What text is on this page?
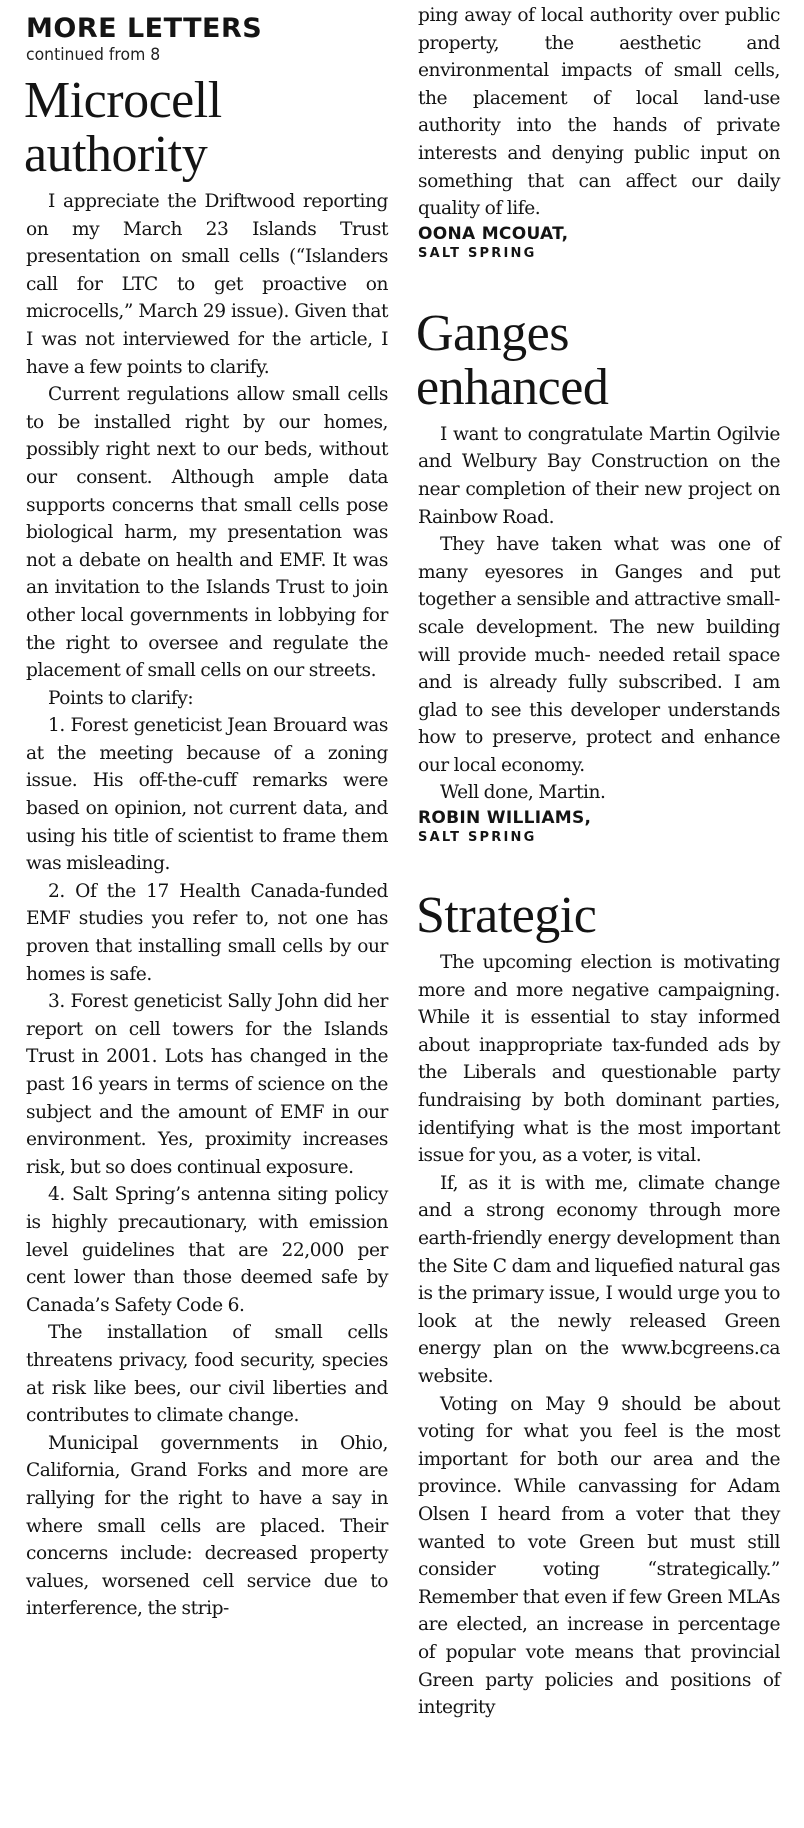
MORE LETTERS
continued from 8
Microcell
authority

I appreciate the Driftwood reporting on my March 23 Islands Trust presentation on small cells (“Islanders call for LTC to get proactive on microcells,” March 29 issue). Given that I was not interviewed for the article, I have a few points to clarify.

Current regulations allow small cells to be installed right by our homes, possibly right next to our beds, without our consent. Although ample data supports concerns that small cells pose biological harm, my presentation was not a debate on health and EMF. It was an invitation to the Islands Trust to join other local governments in lobbying for the right to oversee and regulate the placement of small cells on our streets.

Points to clarify:

1. Forest geneticist Jean Brouard was at the meeting because of a zoning issue. His off-the-cuff remarks were based on opinion, not current data, and using his title of scientist to frame them was misleading.

2. Of the 17 Health Canada-funded EMF studies you refer to, not one has proven that installing small cells by our homes is safe.

3. Forest geneticist Sally John did her report on cell towers for the Islands Trust in 2001. Lots has changed in the past 16 years in terms of science on the subject and the amount of EMF in our environment. Yes, proximity increases risk, but so does continual exposure.

4. Salt Spring’s antenna siting policy is highly precautionary, with emission level guidelines that are 22,000 per cent lower than those deemed safe by Canada’s Safety Code 6.

The installation of small cells threatens privacy, food security, species at risk like bees, our civil liberties and contributes to climate change.

Municipal governments in Ohio, California, Grand Forks and more are rallying for the right to have a say in where small cells are placed. Their concerns include: decreased property values, worsened cell service due to interference, the strip-

ping away of local authority over public property, the aesthetic and environmental impacts of small cells, the placement of local land-use authority into the hands of private interests and denying public input on something that can affect our daily quality of life.

OONA MCOUAT,
SALT SPRING
Ganges
enhanced

I want to congratulate Martin Ogilvie and Welbury Bay Construction on the near completion of their new project on Rainbow Road.

They have taken what was one of many eyesores in Ganges and put together a sensible and attractive small-scale development. The new building will provide much- needed retail space and is already fully subscribed. I am glad to see this developer understands how to preserve, protect and enhance our local economy.

Well done, Martin.

ROBIN WILLIAMS,
SALT SPRING
Strategic

The upcoming election is motivating more and more negative campaigning. While it is essential to stay informed about inappropriate tax-funded ads by the Liberals and questionable party fundraising by both dominant parties, identifying what is the most important issue for you, as a voter, is vital.

If, as it is with me, climate change and a strong economy through more earth-friendly energy development than the Site C dam and liquefied natural gas is the primary issue, I would urge you to look at the newly released Green energy plan on the www.bcgreens.ca website.

Voting on May 9 should be about voting for what you feel is the most important for both our area and the province. While canvassing for Adam Olsen I heard from a voter that they wanted to vote Green but must still consider voting “strategically.” Remember that even if few Green MLAs are elected, an increase in percentage of popular vote means that provincial Green party policies and positions of integrity
